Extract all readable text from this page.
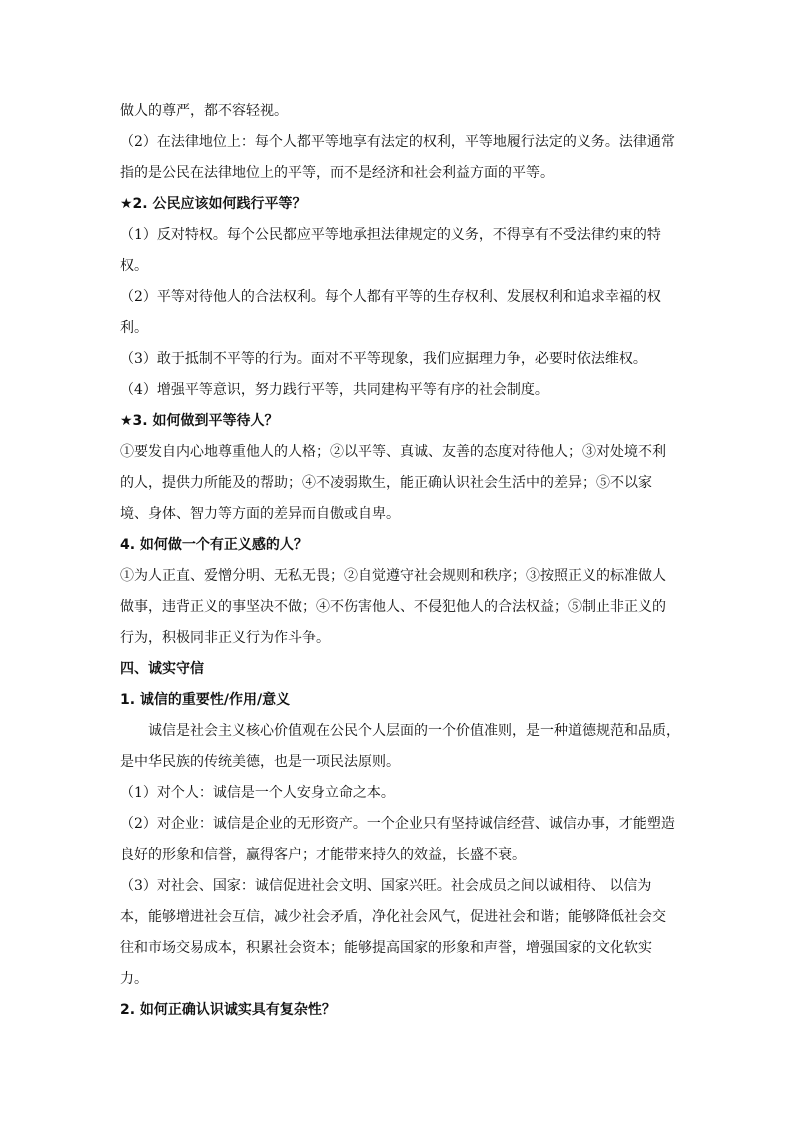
做人的尊严，都不容轻视。
（2）在法律地位上：每个人都平等地享有法定的权利，平等地履行法定的义务。法律通常
指的是公民在法律地位上的平等，而不是经济和社会利益方面的平等。
★2. 公民应该如何践行平等？
（1）反对特权。每个公民都应平等地承担法律规定的义务，不得享有不受法律约束的特
权。
（2）平等对待他人的合法权利。每个人都有平等的生存权利、发展权利和追求幸福的权
利。
（3）敢于抵制不平等的行为。面对不平等现象，我们应据理力争，必要时依法维权。
（4）增强平等意识，努力践行平等，共同建构平等有序的社会制度。
★3. 如何做到平等待人？
①要发自内心地尊重他人的人格；②以平等、真诚、友善的态度对待他人；③对处境不利
的人，提供力所能及的帮助；④不凌弱欺生，能正确认识社会生活中的差异；⑤不以家
境、身体、智力等方面的差异而自傲或自卑。
4. 如何做一个有正义感的人？
①为人正直、爱憎分明、无私无畏；②自觉遵守社会规则和秩序；③按照正义的标准做人
做事，违背正义的事坚决不做；④不伤害他人、不侵犯他人的合法权益；⑤制止非正义的
行为，积极同非正义行为作斗争。
四、诚实守信
1. 诚信的重要性/作用/意义
诚信是社会主义核心价值观在公民个人层面的一个价值准则，是一种道德规范和品质，
是中华民族的传统美德，也是一项民法原则。
（1）对个人：诚信是一个人安身立命之本。
（2）对企业：诚信是企业的无形资产。一个企业只有坚持诚信经营、诚信办事，才能塑造
良好的形象和信誉，赢得客户；才能带来持久的效益，长盛不衰。
（3）对社会、国家：诚信促进社会文明、国家兴旺。社会成员之间以诚相待、 以信为
本，能够增进社会互信，减少社会矛盾，净化社会风气，促进社会和谐；能够降低社会交
往和市场交易成本，积累社会资本；能够提高国家的形象和声誉，增强国家的文化软实
力。
2. 如何正确认识诚实具有复杂性？
